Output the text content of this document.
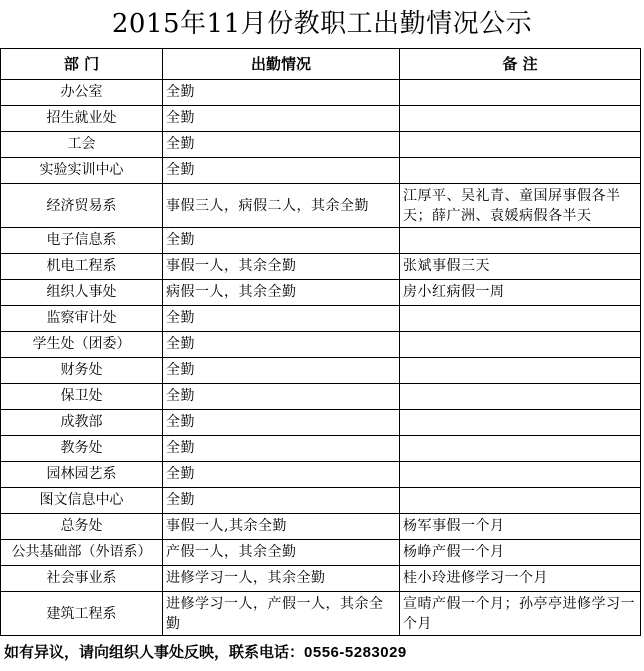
2015年11月份教职工出勤情况公示
部 门	出勤情况	备 注
办公室	全勤	
招生就业处	全勤	
工会	全勤	
实验实训中心	全勤	
经济贸易系	事假三人，病假二人，其余全勤	江厚平、吴礼青、童国屏事假各半天；薛广洲、袁媛病假各半天
电子信息系	全勤	
机电工程系	事假一人，其余全勤	张斌事假三天
组织人事处	病假一人，其余全勤	房小红病假一周
监察审计处	全勤	
学生处（团委）	全勤	
财务处	全勤	
保卫处	全勤	
成教部	全勤	
教务处	全勤	
园林园艺系	全勤	
图文信息中心	全勤	
总务处	事假一人,其余全勤	杨军事假一个月
公共基础部（外语系）	产假一人，其余全勤	杨峥产假一个月
社会事业系	进修学习一人，其余全勤	桂小玲进修学习一个月
建筑工程系	进修学习一人，产假一人，其余全勤	宣晴产假一个月；孙亭亭进修学习一个月
如有异议，请向组织人事处反映，联系电话：0556-5283029
